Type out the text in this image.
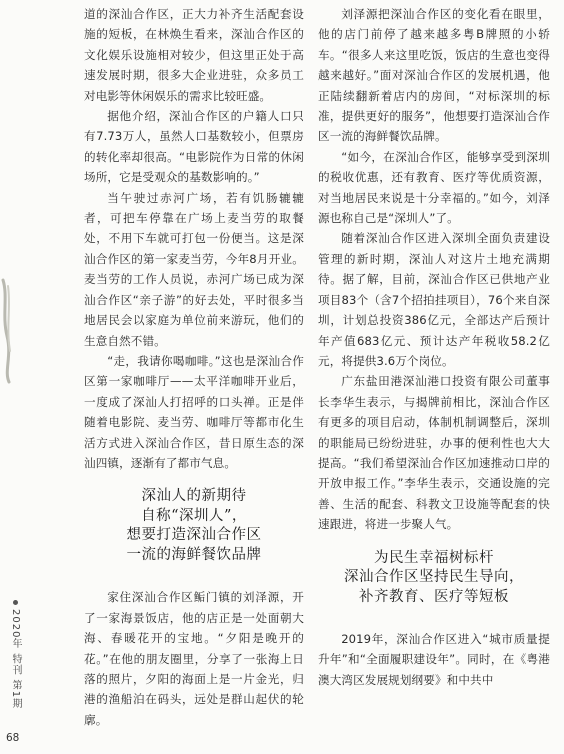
道的深汕合作区，正大力补齐生活配套设施的短板，在林焕生看来，深汕合作区的文化娱乐设施相对较少，但这里正处于高速发展时期，很多大企业进驻，众多员工对电影等休闲娱乐的需求比较旺盛。

据他介绍，深汕合作区的户籍人口只有7.73万人，虽然人口基数较小，但票房的转化率却很高。“电影院作为日常的休闲场所，它是受观众的基数影响的。”

当午驶过赤河广场，若有饥肠辘辘者，可把车停靠在广场上麦当劳的取餐处，不用下车就可打包一份便当。这是深汕合作区的第一家麦当劳，今年8月开业。麦当劳的工作人员说，赤河广场已成为深汕合作区“亲子游”的好去处，平时很多当地居民会以家庭为单位前来游玩，他们的生意自然不错。

“走，我请你喝咖啡。”这也是深汕合作区第一家咖啡厅——太平洋咖啡开业后，一度成了深汕人打招呼的口头禅。正是伴随着电影院、麦当劳、咖啡厅等都市化生活方式进入深汕合作区，昔日原生态的深汕四镇，逐渐有了都市气息。

深汕人的新期待
自称“深圳人”，
想要打造深汕合作区
一流的海鲜餐饮品牌

家住深汕合作区鲘门镇的刘泽源，开了一家海景饭店，他的店正是一处面朝大海、春暖花开的宝地。“夕阳是晚开的花。”在他的朋友圈里，分享了一张海上日落的照片，夕阳的海面上是一片金光，归港的渔船泊在码头，远处是群山起伏的轮廓。

刘泽源把深汕合作区的变化看在眼里，他的店门前停了越来越多粤B牌照的小轿车。“很多人来这里吃饭，饭店的生意也变得越来越好。”面对深汕合作区的发展机遇，他正陆续翻新着店内的房间，“对标深圳的标准，提供更好的服务”，他想要打造深汕合作区一流的海鲜餐饮品牌。

“如今，在深汕合作区，能够享受到深圳的税收优惠，还有教育、医疗等优质资源，对当地居民来说是十分幸福的。”如今，刘泽源也称自己是“深圳人”了。

随着深汕合作区进入深圳全面负责建设管理的新时期，深汕人对这片土地充满期待。据了解，目前，深汕合作区已供地产业项目83个（含7个招拍挂项目），76个来自深圳，计划总投资386亿元，全部达产后预计年产值683亿元、预计达产年税收58.2亿元，将提供3.6万个岗位。

广东盐田港深汕港口投资有限公司董事长李华生表示，与揭牌前相比，深汕合作区有更多的项目启动，体制机制调整后，深圳的职能局已纷纷进驻，办事的便利性也大大提高。“我们希望深汕合作区加速推动口岸的开放申报工作。”李华生表示，交通设施的完善、生活的配套、科教文卫设施等配套的快速跟进，将进一步聚人气。

为民生幸福树标杆
深汕合作区坚持民生导向，
补齐教育、医疗等短板

2019年，深汕合作区进入“城市质量提升年”和“全面履职建设年”。同时，在《粤港澳大湾区发展规划纲要》和中共中

2020年 特刊 第1期
68
